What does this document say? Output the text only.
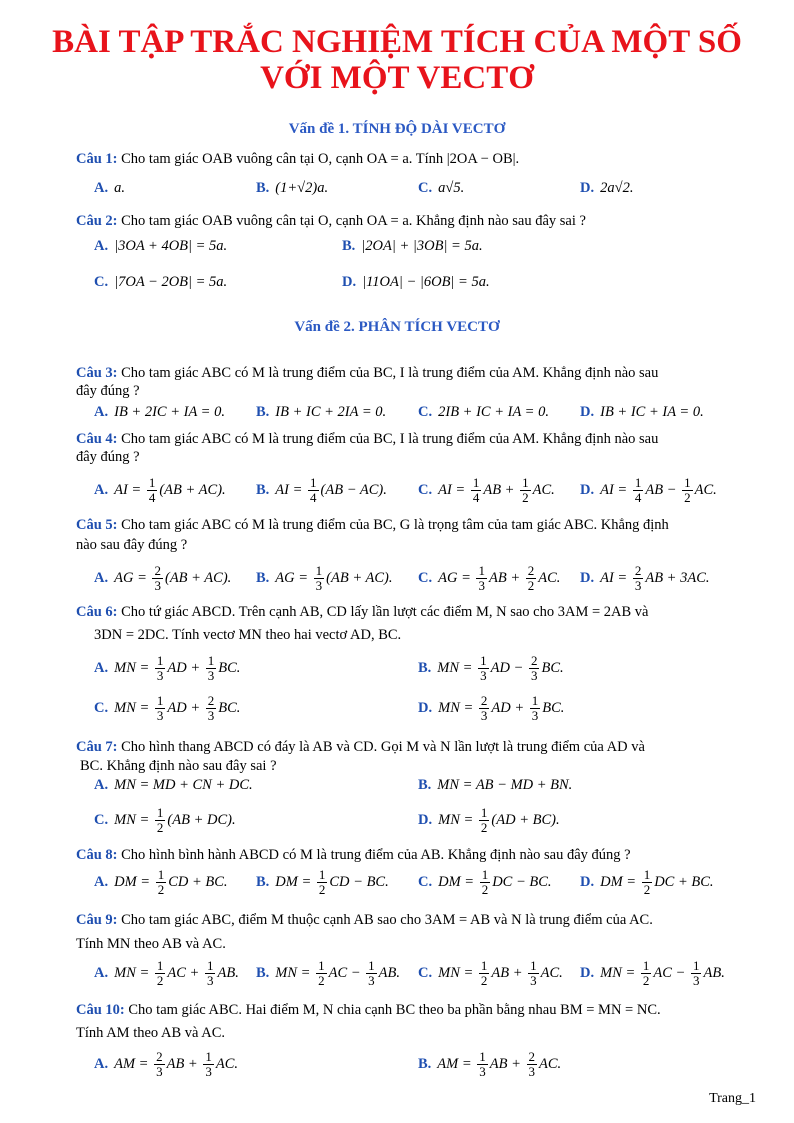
BÀI TẬP TRẮC NGHIỆM TÍCH CỦA MỘT SỐ
VỚI MỘT VECTƠ
Vấn đề 1. TÍNH ĐỘ DÀI VECTƠ
Câu 1: Cho tam giác OAB vuông cân tại O, cạnh OA = a. Tính |2OA − OB|.
A. a.	B. (1+√2)a.	C. a√5.	D. 2a√2.
Câu 2: Cho tam giác OAB vuông cân tại O, cạnh OA = a. Khẳng định nào sau đây sai ?
A. |3OA + 4OB| = 5a.	B. |2OA| + |3OB| = 5a.
C. |7OA − 2OB| = 5a.	D. |11OA| − |6OB| = 5a.
Vấn đề 2. PHÂN TÍCH VECTƠ
Câu 3: Cho tam giác ABC có M là trung điểm của BC, I là trung điểm của AM. Khẳng định nào sau
đây đúng ?
A. IB + 2IC + IA = 0. B. IB + IC + 2IA = 0. C. 2IB + IC + IA = 0. D. IB + IC + IA = 0.
Câu 4: Cho tam giác ABC có M là trung điểm của BC, I là trung điểm của AM. Khẳng định nào sau
đây đúng ?
A. AI = $\frac{1}{4} (AB + AC)$. B. AI = $\frac{1}{4} (AB - AC)$. C. AI = $\frac{1}{4}$ AB + $\frac{1}{2}$ AC. D. AI = $\frac{1}{4}$ AB − $\frac{1}{2}$ AC.
Câu 5: Cho tam giác ABC có M là trung điểm của BC, G là trọng tâm của tam giác ABC. Khẳng định
nào sau đây đúng ?
A. AG = $\frac{2}{3} (AB + AC)$. B. AG = $\frac{1}{3} (AB + AC)$. C. AG = $\frac{1}{3}$ AB + $\frac{2}{2}$ AC. D. AI = $\frac{2}{3}$ AB + 3AC.
Câu 6: Cho tứ giác ABCD. Trên cạnh AB, CD lấy lần lượt các điểm M, N sao cho 3AM = 2AB và
3DN = 2DC. Tính vectơ MN theo hai vectơ AD, BC.
A. MN = $\frac{1}{3}$ AD + $\frac{1}{3}$ BC.	B. MN = $\frac{1}{3}$ AD − $\frac{2}{3}$ BC.
C. MN = $\frac{1}{3}$ AD + $\frac{2}{3}$ BC.	D. MN = $\frac{2}{3}$ AD + $\frac{1}{3}$ BC.
Câu 7: Cho hình thang ABCD có đáy là AB và CD. Gọi M và N lần lượt là trung điểm của AD và
BC. Khẳng định nào sau đây sai ?
A. MN = MD + CN + DC.	B. MN = AB − MD + BN.
C. MN = $\frac{1}{2} (AB + DC)$.	D. MN = $\frac{1}{2} (AD + BC)$.
Câu 8: Cho hình bình hành ABCD có M là trung điểm của AB. Khẳng định nào sau đây đúng ?
A. DM = $\frac{1}{2}$ CD + BC. B. DM = $\frac{1}{2}$ CD − BC. C. DM = $\frac{1}{2}$ DC − BC. D. DM = $\frac{1}{2}$ DC + BC.
Câu 9: Cho tam giác ABC, điểm M thuộc cạnh AB sao cho 3AM = AB và N là trung điểm của AC.
Tính MN theo AB và AC.
A. MN = $\frac{1}{2}$ AC + $\frac{1}{3}$ AB. B. MN = $\frac{1}{2}$ AC − $\frac{1}{3}$ AB. C. MN = $\frac{1}{2}$ AB + $\frac{1}{3}$ AC. D. MN = $\frac{1}{2}$ AC − $\frac{1}{3}$ AB.
Câu 10: Cho tam giác ABC. Hai điểm M, N chia cạnh BC theo ba phần bằng nhau BM = MN = NC.
Tính AM theo AB và AC.
A. AM = $\frac{2}{3}$ AB + $\frac{1}{3}$ AC.	B. AM = $\frac{1}{3}$ AB + $\frac{2}{3}$ AC.
Trang_1
